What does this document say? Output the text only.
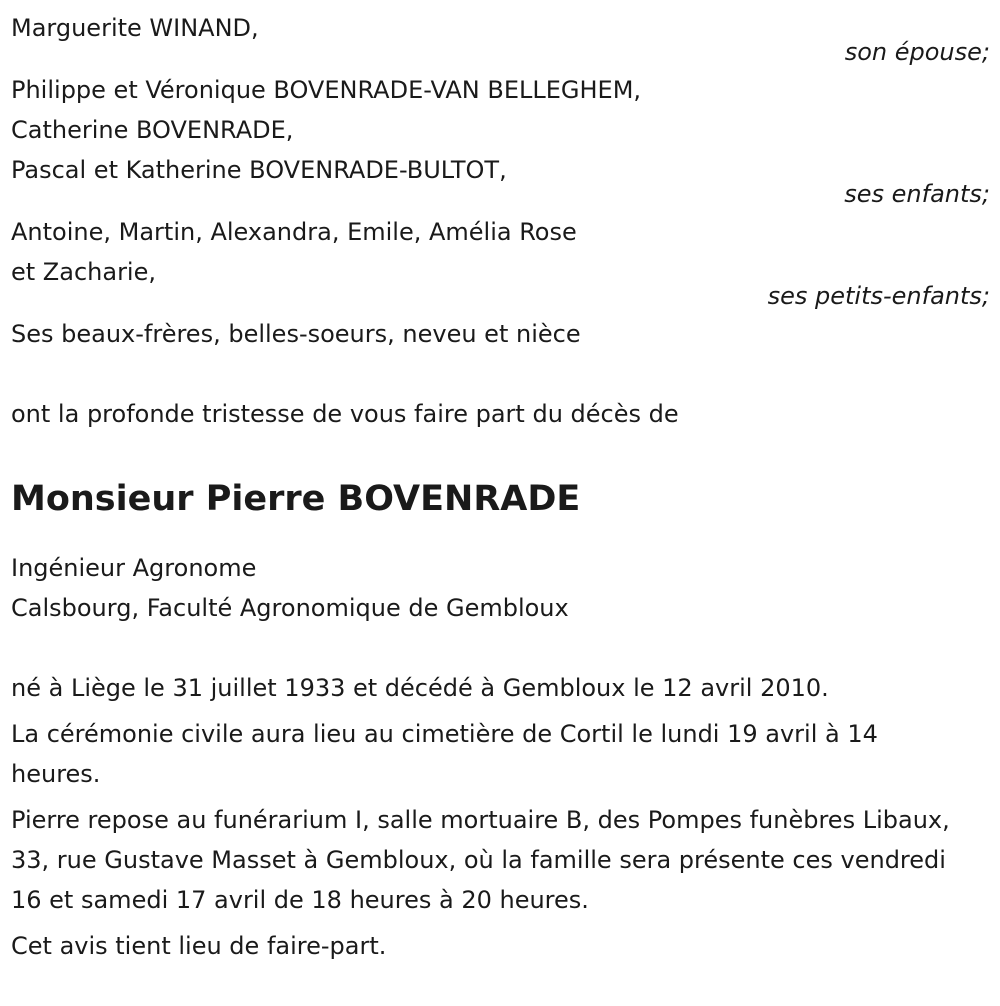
Marguerite WINAND,
son épouse;
Philippe et Véronique BOVENRADE-VAN BELLEGHEM,
Catherine BOVENRADE,
Pascal et Katherine BOVENRADE-BULTOT,
ses enfants;
Antoine, Martin, Alexandra, Emile, Amélia Rose
et Zacharie,
ses petits-enfants;
Ses beaux-frères, belles-soeurs, neveu et nièce
ont la profonde tristesse de vous faire part du décès de
Monsieur Pierre BOVENRADE
Ingénieur Agronome
Calsbourg, Faculté Agronomique de Gembloux
né à Liège le 31 juillet 1933 et décédé à Gembloux le 12 avril 2010.
La cérémonie civile aura lieu au cimetière de Cortil le lundi 19 avril à 14 heures.
Pierre repose au funérarium I, salle mortuaire B, des Pompes funèbres Libaux, 33, rue Gustave Masset à Gembloux, où la famille sera présente ces vendredi 16 et samedi 17 avril de 18 heures à 20 heures.
Cet avis tient lieu de faire-part.
